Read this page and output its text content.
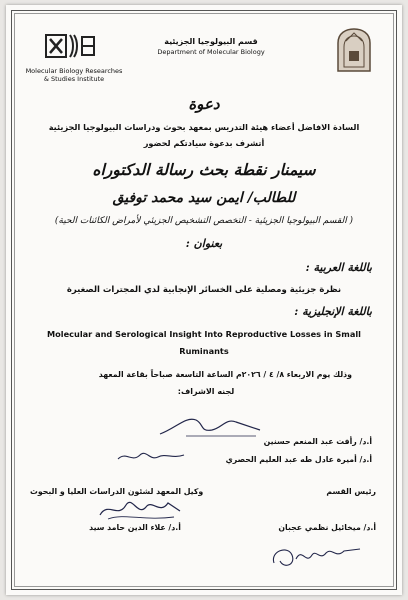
Molecular Biology Researches
& Studies Institute
قسم البيولوجيا الجزيئية
Department of Molecular Biology
دعوة
السادة الافاضل أعضاء هيئة التدريس بمعهد بحوث ودراسات البيولوجيا الجزيئية
أتشرف بدعوة سيادتكم لحضور
سيمنار نقطة بحث رسالة الدكتوراه
للطالب/ ايمن سيد محمد توفيق
( القسم البيولوجيا الجزيئية - التخصص التشخيص الجزيئي لأمراض الكائنات الحية)
بعنوان :
باللغة العربية :
نظرة جزيئية ومصلية على الخسائر الإنجابية لدي المجترات الصغيرة
باللغة الإنجليزية :
Molecular and Serological Insight Into Reproductive Losses in Small
Ruminants
وذلك يوم الاربعاء ٨/ ٤ / ٢٠٢٦م الساعة التاسعة صباحاً بقاعة المعهد
لجنه الاشراف:
أ.د/ رأفت عبد المنعم حسنين
أ.د/ أميرة عادل طه عبد العليم الحصري
وكيل المعهد لشئون الدراسات العليا و البحوث	رئيس القسم
أ.د/ علاء الدين حامد سيد	أ.د/ ميخائيل نظمي عجبان
